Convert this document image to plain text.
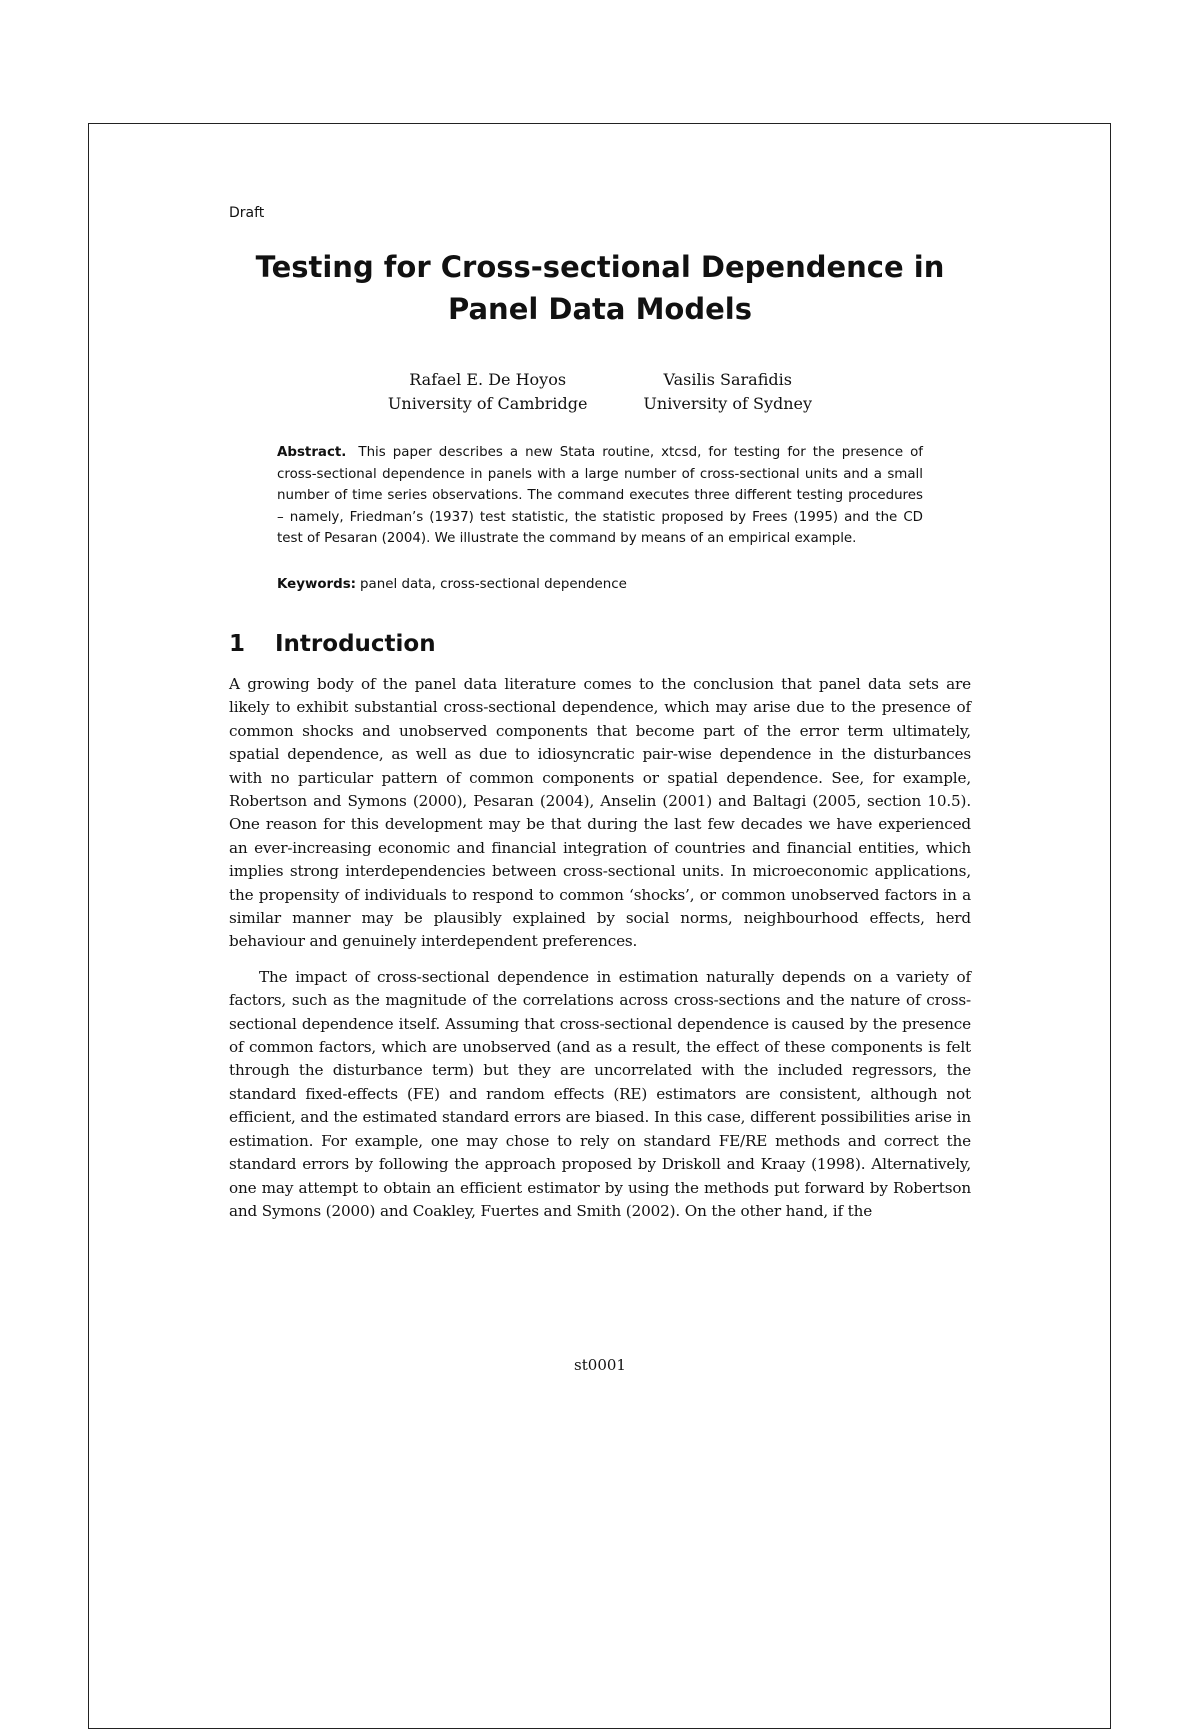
Draft

Testing for Cross-sectional Dependence in
Panel Data Models
Rafael E. De Hoyos
University of Cambridge
Vasilis Sarafidis
University of Sydney
Abstract. This paper describes a new Stata routine, xtcsd, for testing for the presence of cross-sectional dependence in panels with a large number of cross-sectional units and a small number of time series observations. The command executes three different testing procedures – namely, Friedman’s (1937) test statistic, the statistic proposed by Frees (1995) and the CD test of Pesaran (2004). We illustrate the command by means of an empirical example.
Keywords: panel data, cross-sectional dependence
1	Introduction

A growing body of the panel data literature comes to the conclusion that panel data sets are likely to exhibit substantial cross-sectional dependence, which may arise due to the presence of common shocks and unobserved components that become part of the error term ultimately, spatial dependence, as well as due to idiosyncratic pair-wise dependence in the disturbances with no particular pattern of common components or spatial dependence. See, for example, Robertson and Symons (2000), Pesaran (2004), Anselin (2001) and Baltagi (2005, section 10.5). One reason for this development may be that during the last few decades we have experienced an ever-increasing economic and financial integration of countries and financial entities, which implies strong interdependencies between cross-sectional units. In microeconomic applications, the propensity of individuals to respond to common ‘shocks’, or common unobserved factors in a similar manner may be plausibly explained by social norms, neighbourhood effects, herd behaviour and genuinely interdependent preferences.

The impact of cross-sectional dependence in estimation naturally depends on a variety of factors, such as the magnitude of the correlations across cross-sections and the nature of cross-sectional dependence itself. Assuming that cross-sectional dependence is caused by the presence of common factors, which are unobserved (and as a result, the effect of these components is felt through the disturbance term) but they are uncorrelated with the included regressors, the standard fixed-effects (FE) and random effects (RE) estimators are consistent, although not efficient, and the estimated standard errors are biased. In this case, different possibilities arise in estimation. For example, one may chose to rely on standard FE/RE methods and correct the standard errors by following the approach proposed by Driskoll and Kraay (1998). Alternatively, one may attempt to obtain an efficient estimator by using the methods put forward by Robertson and Symons (2000) and Coakley, Fuertes and Smith (2002). On the other hand, if the

st0001
